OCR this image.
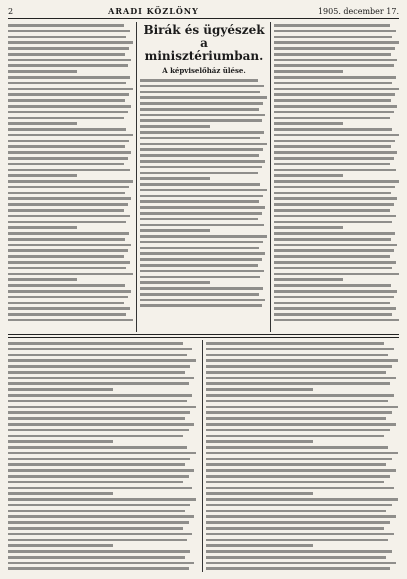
2	ARADI KÖZLÖNY	1905. december 17.
Birák és ügyészek a minisztériumban.
A képviselőház ülése.
